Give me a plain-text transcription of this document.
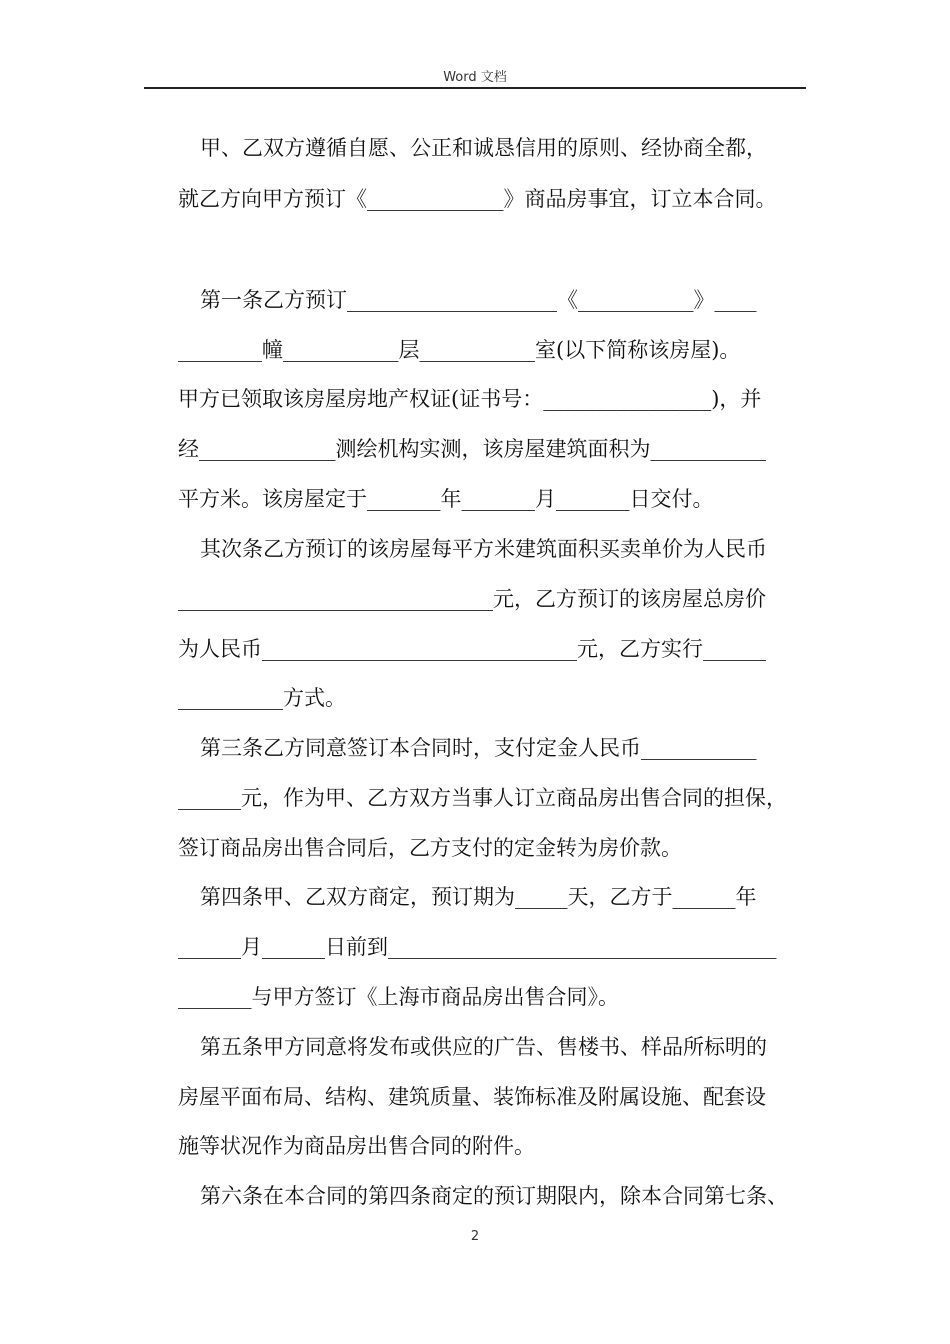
Word 文档
甲、乙双方遵循自愿、公正和诚恳信用的原则、经协商全都，
就乙方向甲方预订《_____________》商品房事宜，订立本合同。
第一条乙方预订____________________《___________》____
________幢___________层___________室(以下简称该房屋)。
甲方已领取该房屋房地产权证(证书号：________________)，并
经_____________测绘机构实测，该房屋建筑面积为___________
平方米。该房屋定于_______年_______月_______日交付。
其次条乙方预订的该房屋每平方米建筑面积买卖单价为人民币
______________________________元，乙方预订的该房屋总房价
为人民币______________________________元，乙方实行______
__________方式。
第三条乙方同意签订本合同时，支付定金人民币___________
______元，作为甲、乙方双方当事人订立商品房出售合同的担保，
签订商品房出售合同后，乙方支付的定金转为房价款。
第四条甲、乙双方商定，预订期为_____天，乙方于______年
______月______日前到_____________________________________
_______与甲方签订《上海市商品房出售合同》。
第五条甲方同意将发布或供应的广告、售楼书、样品所标明的
房屋平面布局、结构、建筑质量、装饰标准及附属设施、配套设
施等状况作为商品房出售合同的附件。
第六条在本合同的第四条商定的预订期限内，除本合同第七条、
2
